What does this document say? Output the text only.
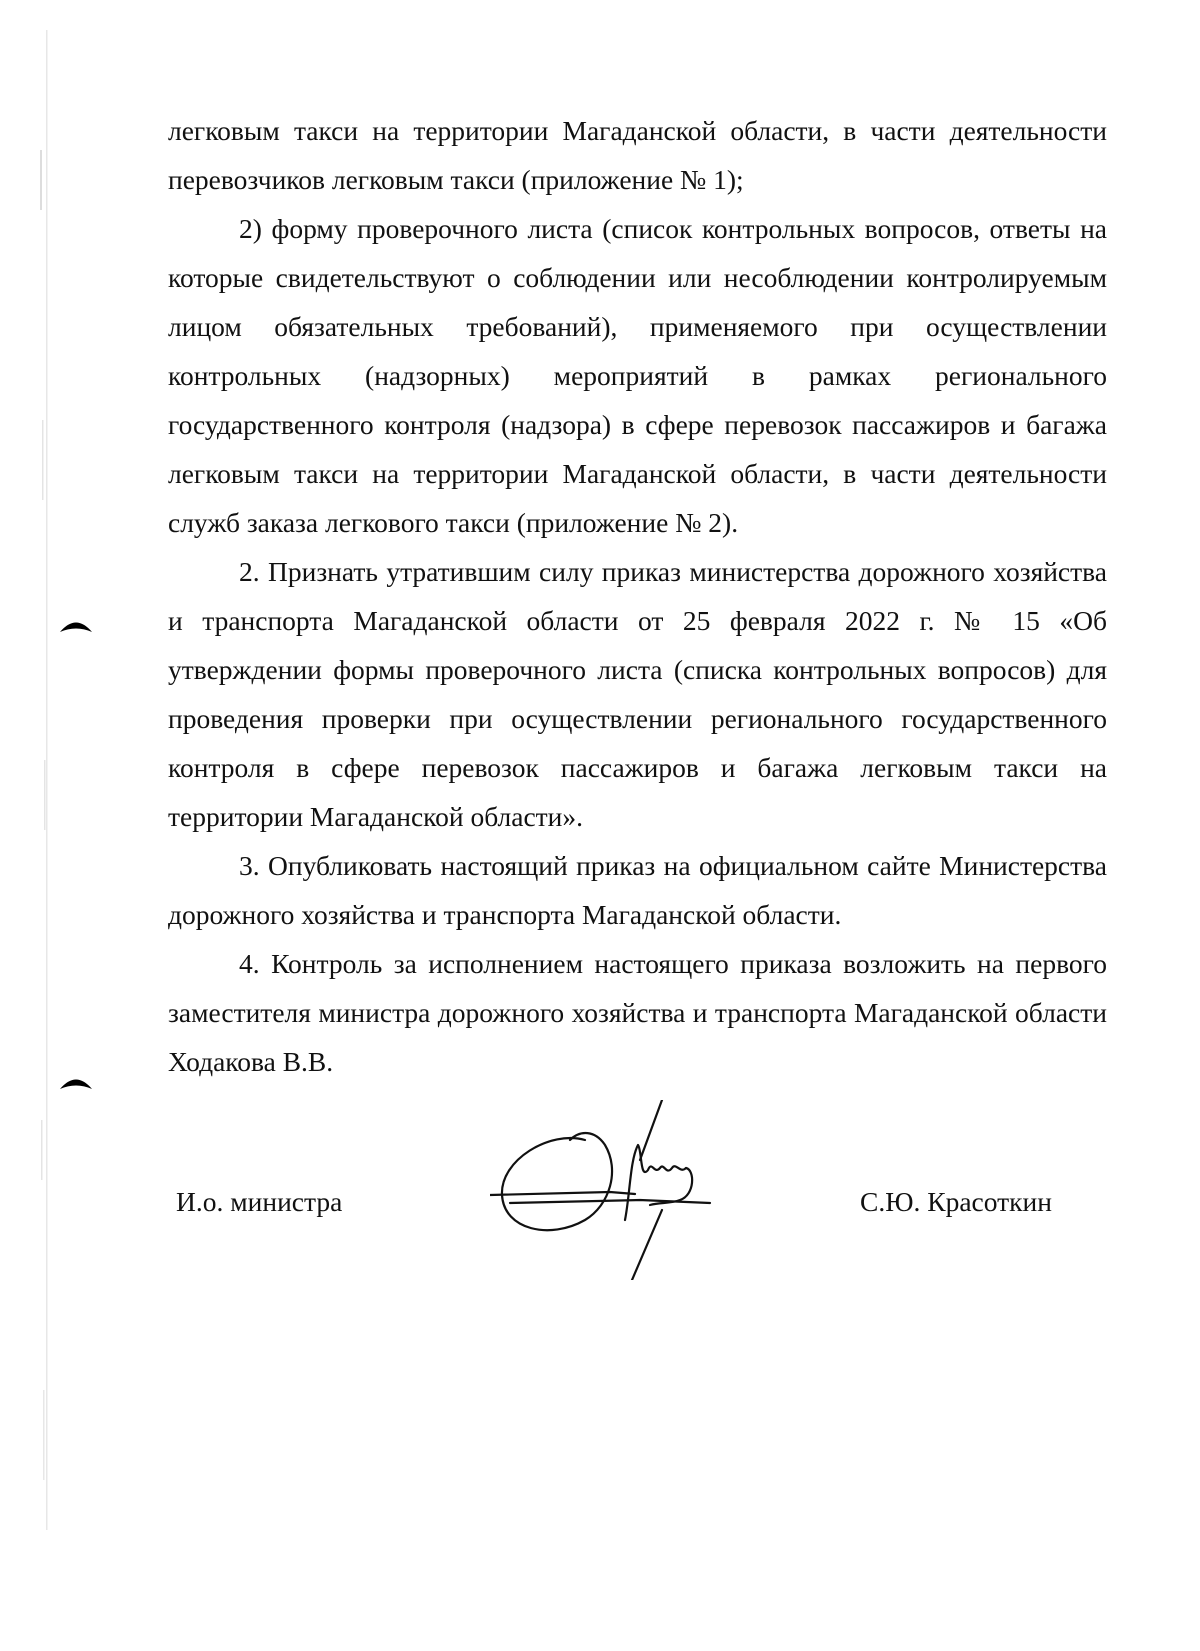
легковым такси на территории Магаданской области, в части деятельности перевозчиков легковым такси (приложение № 1);

2) форму проверочного листа (список контрольных вопросов, ответы на которые свидетельствуют о соблюдении или несоблюдении контролируемым лицом обязательных требований), применяемого при осуществлении контрольных (надзорных) мероприятий в рамках регионального государственного контроля (надзора) в сфере перевозок пассажиров и багажа легковым такси на территории Магаданской области, в части деятельности служб заказа легкового такси (приложение № 2).

2. Признать утратившим силу приказ министерства дорожного хозяйства и транспорта Магаданской области от 25 февраля 2022 г. № 15 «Об утверждении формы проверочного листа (списка контрольных вопросов) для проведения проверки при осуществлении регионального государственного контроля в сфере перевозок пассажиров и багажа легковым такси на территории Магаданской области».

3. Опубликовать настоящий приказ на официальном сайте Министерства дорожного хозяйства и транспорта Магаданской области.

4. Контроль за исполнением настоящего приказа возложить на первого заместителя министра дорожного хозяйства и транспорта Магаданской области Ходакова В.В.

И.о. министра	С.Ю. Красоткин
